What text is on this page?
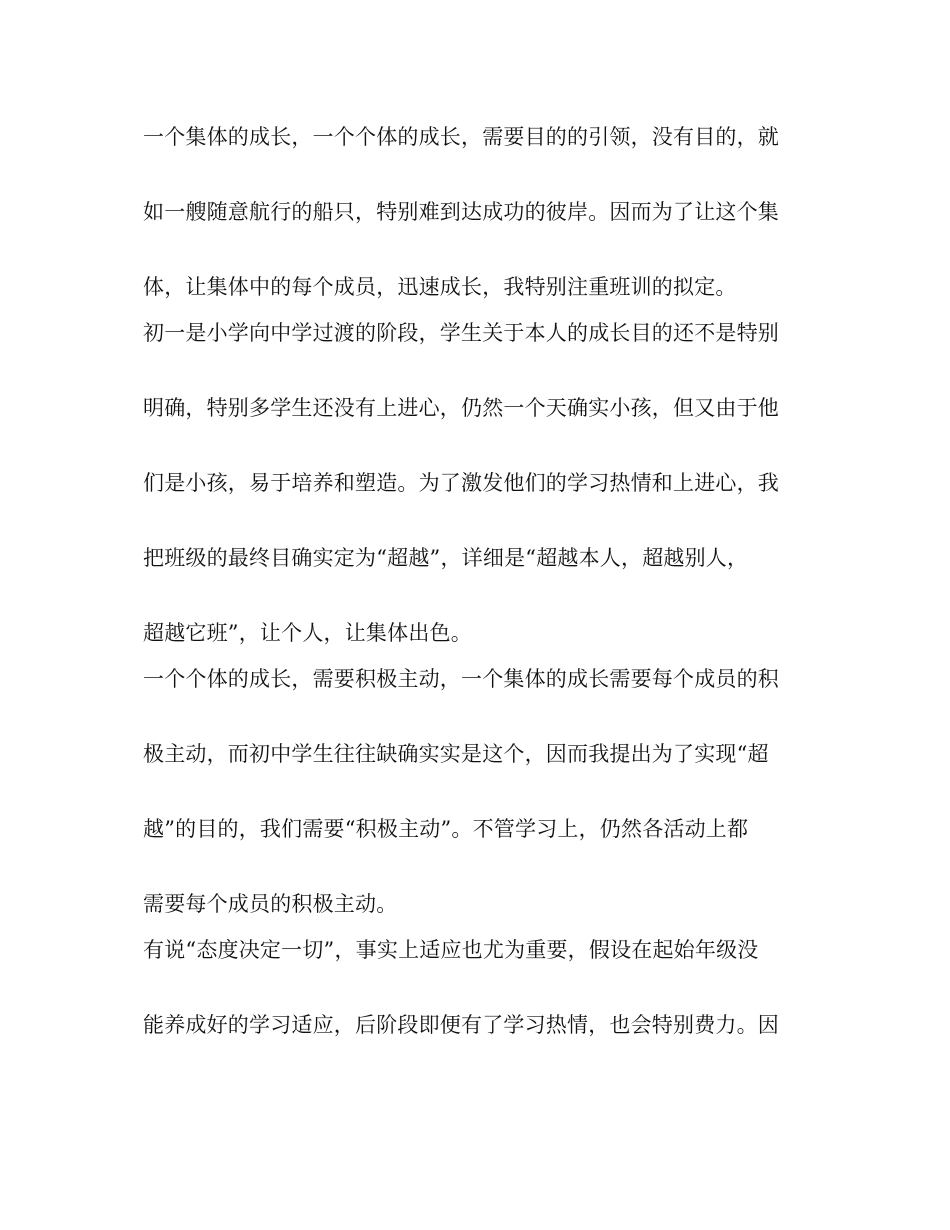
一个集体的成长，一个个体的成长，需要目的的引领，没有目的，就
如一艘随意航行的船只，特别难到达成功的彼岸。因而为了让这个集
体，让集体中的每个成员，迅速成长，我特别注重班训的拟定。

初一是小学向中学过渡的阶段，学生关于本人的成长目的还不是特别
明确，特别多学生还没有上进心，仍然一个天确实小孩，但又由于他
们是小孩，易于培养和塑造。为了激发他们的学习热情和上进心，我
把班级的最终目确实定为“超越”，详细是“超越本人，超越别人，
超越它班”，让个人，让集体出色。

一个个体的成长，需要积极主动，一个集体的成长需要每个成员的积
极主动，而初中学生往往缺确实实是这个，因而我提出为了实现“超
越”的目的，我们需要“积极主动”。不管学习上，仍然各活动上都
需要每个成员的积极主动。

有说“态度决定一切”，事实上适应也尤为重要，假设在起始年级没
能养成好的学习适应，后阶段即便有了学习热情，也会特别费力。因
